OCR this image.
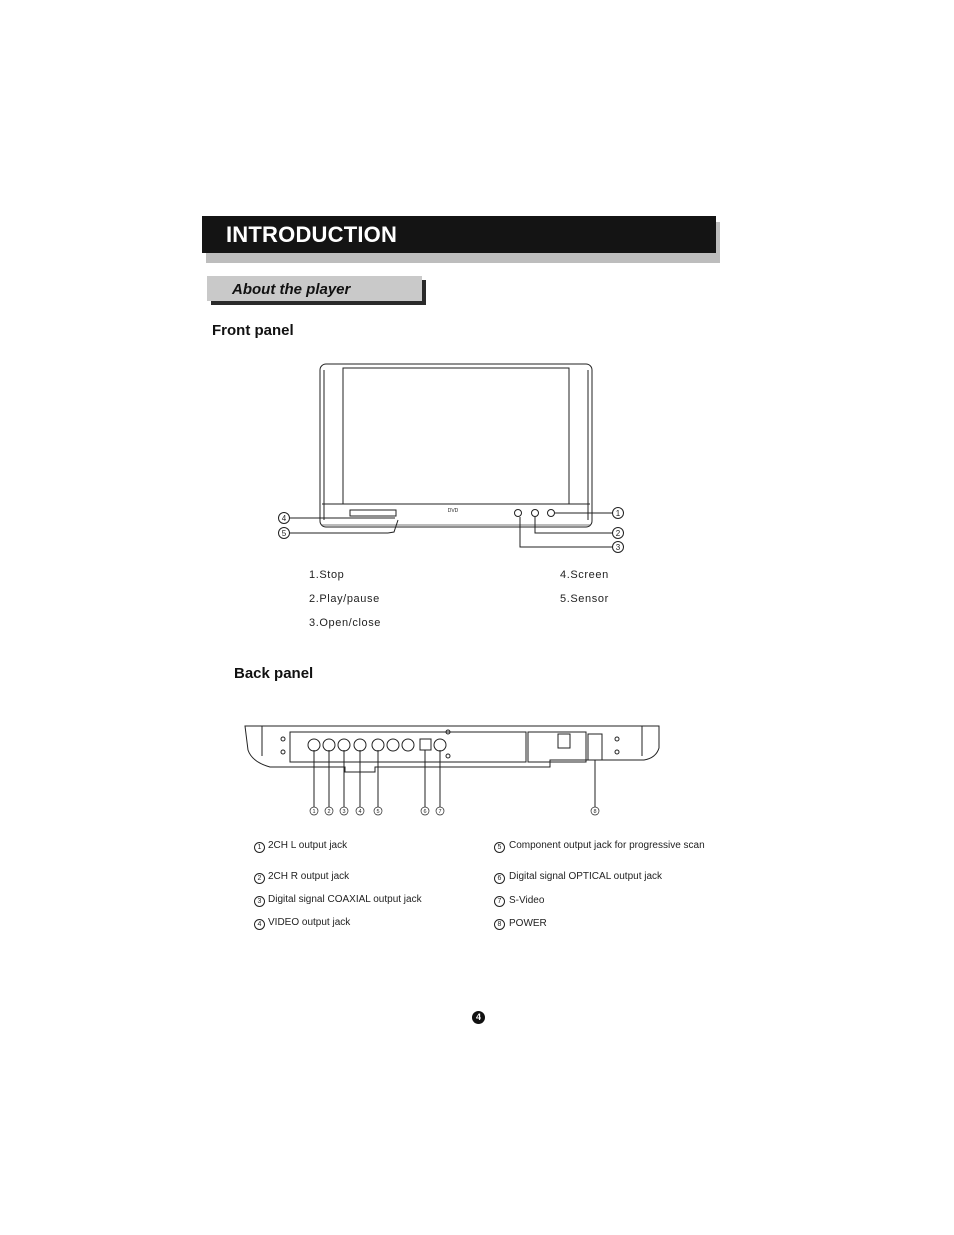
INTRODUCTION
About the player
Front panel
4
5
1
2
3
DVD
1.Stop
2.Play/pause
3.Open/close
4.Screen
5.Sensor
Back panel
1 2 3 4	5	6 7	8
1 2CH L output jack
2 2CH R output jack
3 Digital signal COAXIAL output jack
4 VIDEO output jack
5 Component output jack for progressive scan
6 Digital signal OPTICAL output jack
7 S-Video
8 POWER
4
